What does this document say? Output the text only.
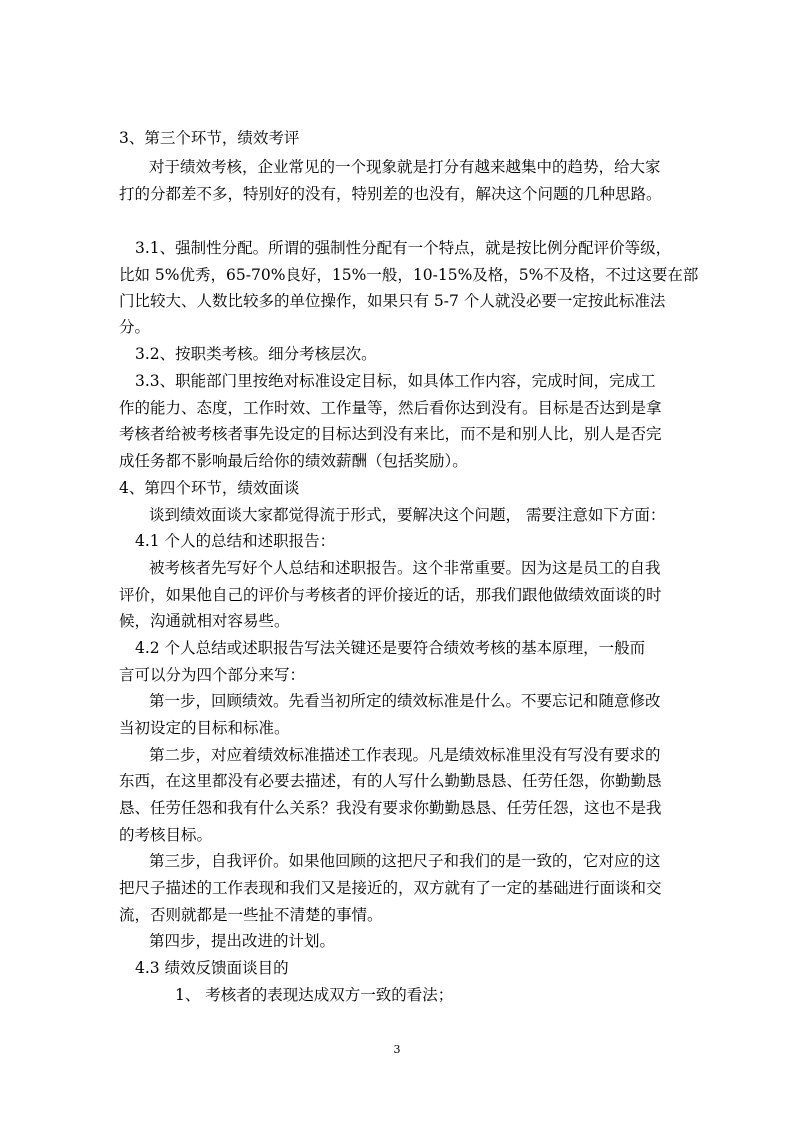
3、第三个环节，绩效考评
对于绩效考核，企业常见的一个现象就是打分有越来越集中的趋势，给大家
打的分都差不多，特别好的没有，特别差的也没有，解决这个问题的几种思路。
3.1、强制性分配。所谓的强制性分配有一个特点，就是按比例分配评价等级，
比如 5%优秀，65-70%良好，15%一般，10-15%及格，5%不及格，不过这要在部
门比较大、人数比较多的单位操作，如果只有 5-7 个人就没必要一定按此标准法
分。
3.2、按职类考核。细分考核层次。
3.3、职能部门里按绝对标准设定目标，如具体工作内容，完成时间，完成工
作的能力、态度，工作时效、工作量等，然后看你达到没有。目标是否达到是拿
考核者给被考核者事先设定的目标达到没有来比，而不是和别人比，别人是否完
成任务都不影响最后给你的绩效薪酬（包括奖励）。
4、第四个环节，绩效面谈
谈到绩效面谈大家都觉得流于形式，要解决这个问题， 需要注意如下方面：
4.1 个人的总结和述职报告：
被考核者先写好个人总结和述职报告。这个非常重要。因为这是员工的自我
评价，如果他自己的评价与考核者的评价接近的话，那我们跟他做绩效面谈的时
候，沟通就相对容易些。
4.2 个人总结或述职报告写法关键还是要符合绩效考核的基本原理，一般而
言可以分为四个部分来写：
第一步，回顾绩效。先看当初所定的绩效标准是什么。不要忘记和随意修改
当初设定的目标和标准。
第二步，对应着绩效标准描述工作表现。凡是绩效标准里没有写没有要求的
东西，在这里都没有必要去描述，有的人写什么勤勤恳恳、任劳任怨，你勤勤恳
恳、任劳任怨和我有什么关系？我没有要求你勤勤恳恳、任劳任怨，这也不是我
的考核目标。
第三步，自我评价。如果他回顾的这把尺子和我们的是一致的，它对应的这
把尺子描述的工作表现和我们又是接近的，双方就有了一定的基础进行面谈和交
流，否则就都是一些扯不清楚的事情。
第四步，提出改进的计划。
4.3 绩效反馈面谈目的
1、 考核者的表现达成双方一致的看法；
3
